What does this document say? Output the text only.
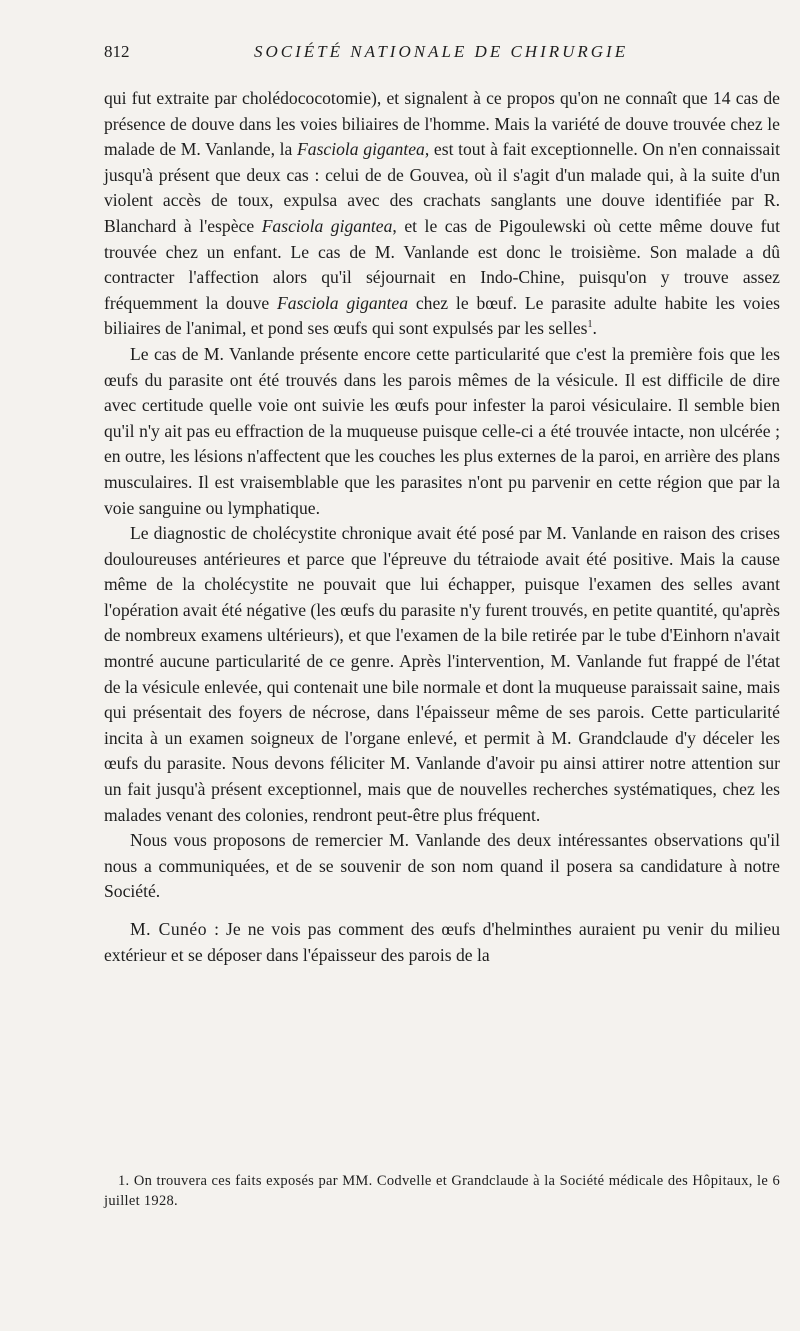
812	SOCIÉTÉ NATIONALE DE CHIRURGIE

qui fut extraite par cholédococotomie), et signalent à ce propos qu'on ne connaît que 14 cas de présence de douve dans les voies biliaires de l'homme. Mais la variété de douve trouvée chez le malade de M. Vanlande, la Fasciola gigantea, est tout à fait exceptionnelle. On n'en connaissait jusqu'à présent que deux cas : celui de de Gouvea, où il s'agit d'un malade qui, à la suite d'un violent accès de toux, expulsa avec des crachats sanglants une douve identifiée par R. Blanchard à l'espèce Fasciola gigantea, et le cas de Pigoulewski où cette même douve fut trouvée chez un enfant. Le cas de M. Vanlande est donc le troisième. Son malade a dû contracter l'affection alors qu'il séjournait en Indo-Chine, puisqu'on y trouve assez fréquemment la douve Fasciola gigantea chez le bœuf. Le parasite adulte habite les voies biliaires de l'animal, et pond ses œufs qui sont expulsés par les selles$^1$.

Le cas de M. Vanlande présente encore cette particularité que c'est la première fois que les œufs du parasite ont été trouvés dans les parois mêmes de la vésicule. Il est difficile de dire avec certitude quelle voie ont suivie les œufs pour infester la paroi vésiculaire. Il semble bien qu'il n'y ait pas eu effraction de la muqueuse puisque celle-ci a été trouvée intacte, non ulcérée ; en outre, les lésions n'affectent que les couches les plus externes de la paroi, en arrière des plans musculaires. Il est vraisemblable que les parasites n'ont pu parvenir en cette région que par la voie sanguine ou lymphatique.

Le diagnostic de cholécystite chronique avait été posé par M. Vanlande en raison des crises douloureuses antérieures et parce que l'épreuve du tétraiode avait été positive. Mais la cause même de la cholécystite ne pouvait que lui échapper, puisque l'examen des selles avant l'opération avait été négative (les œufs du parasite n'y furent trouvés, en petite quantité, qu'après de nombreux examens ultérieurs), et que l'examen de la bile retirée par le tube d'Einhorn n'avait montré aucune particularité de ce genre. Après l'intervention, M. Vanlande fut frappé de l'état de la vésicule enlevée, qui contenait une bile normale et dont la muqueuse paraissait saine, mais qui présentait des foyers de nécrose, dans l'épaisseur même de ses parois. Cette particularité incita à un examen soigneux de l'organe enlevé, et permit à M. Grandclaude d'y déceler les œufs du parasite. Nous devons féliciter M. Vanlande d'avoir pu ainsi attirer notre attention sur un fait jusqu'à présent exceptionnel, mais que de nouvelles recherches systématiques, chez les malades venant des colonies, rendront peut-être plus fréquent.

Nous vous proposons de remercier M. Vanlande des deux intéressantes observations qu'il nous a communiquées, et de se souvenir de son nom quand il posera sa candidature à notre Société.

M. Cunéo : Je ne vois pas comment des œufs d'helminthes auraient pu venir du milieu extérieur et se déposer dans l'épaisseur des parois de la

1. On trouvera ces faits exposés par MM. Codvelle et Grandclaude à la Société médicale des Hôpitaux, le 6 juillet 1928.
